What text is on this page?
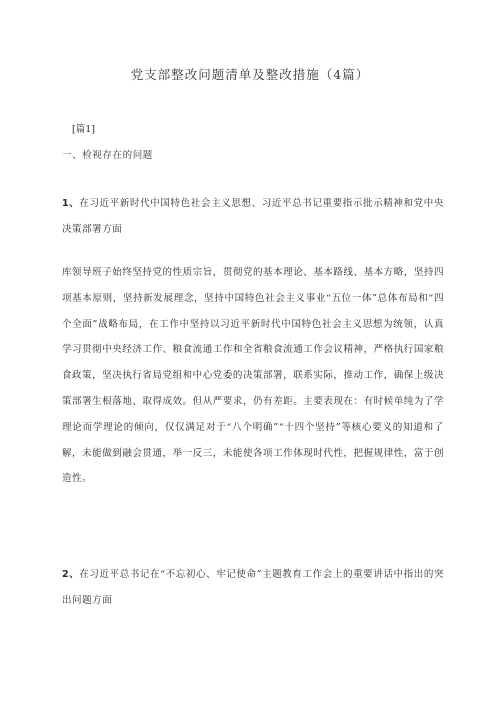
党支部整改问题清单及整改措施（4篇）
[篇1]
一、检视存在的问题
1、在习近平新时代中国特色社会主义思想、习近平总书记重要指示批示精神和党中央决策部署方面
库领导班子始终坚持党的性质宗旨，贯彻党的基本理论、基本路线、基本方略，坚持四项基本原则，坚持新发展理念，坚持中国特色社会主义事业“五位一体”总体布局和“四个全面”战略布局，在工作中坚持以习近平新时代中国特色社会主义思想为统领，认真学习贯彻中央经济工作、粮食流通工作和全省粮食流通工作会议精神，严格执行国家粮食政策，坚决执行省局党组和中心党委的决策部署，联系实际，推动工作，确保上级决策部署生根落地、取得成效。但从严要求，仍有差距。主要表现在：有时候单纯为了学理论而学理论的倾向，仅仅满足对于“八个明确”“十四个坚持”等核心要义的知道和了解，未能做到融会贯通，举一反三，未能使各项工作体现时代性，把握规律性，富于创造性。
2、在习近平总书记在“不忘初心、牢记使命”主题教育工作会上的重要讲话中指出的突出问题方面
